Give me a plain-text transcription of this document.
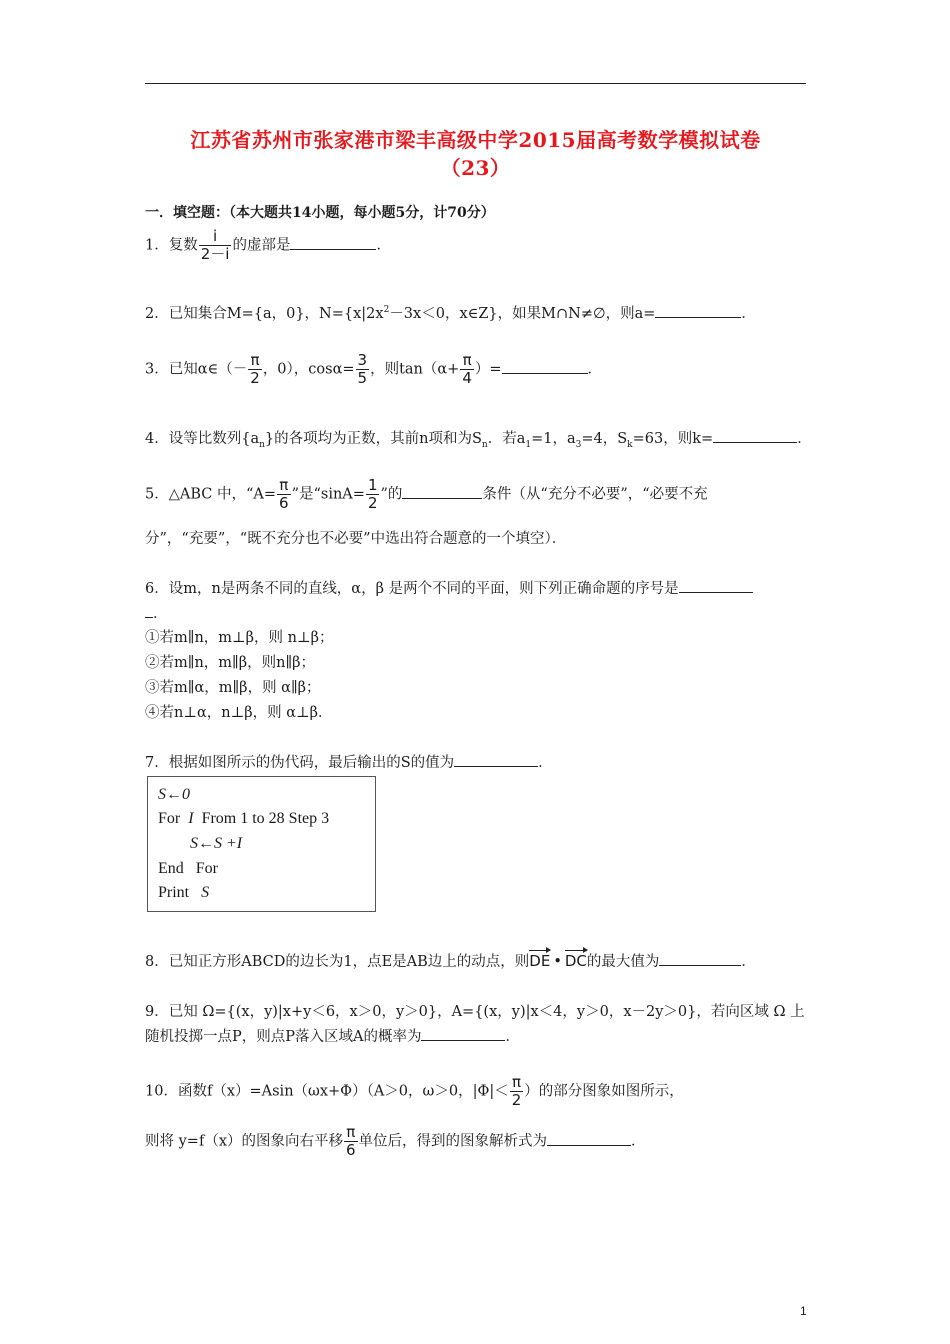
江苏省苏州市张家港市梁丰高级中学2015届高考数学模拟试卷
（23）
一．填空题：（本大题共14小题，每小题5分，计70分）
1．复数 $\frac{i}{2-i}$ 的虚部是	．
2．已知集合M={a，0}，$N=\{x|2x^2-3x<0$，x∈Z}，如果M∩N≠∅，则a=	．
3．已知α∈（－ $\frac{\pi}{2}$ ，0），$\cos\alpha= \frac{3}{5}$ ，则$\tan(\alpha+ \frac{\pi}{4}$ ）=	．
4．设等比数列$\{a_n\}$的各项均为正数，其前n项和为$S_n$．若$a_1=1$，$a_3=4$，$S_k=63$，则k=	．
5．△ABC 中，“$A= \frac{\pi}{6}$ ”是“$\sin A= \frac{1}{2}$ ”的	条件（从“充分不必要”，“必要不充
分”，“充要”，“既不充分也不必要”中选出符合题意的一个填空）．
6．设m，n是两条不同的直线，α，β 是两个不同的平面，则下列正确命题的序号是
．
①若m∥n，m⊥β，则 n⊥β；
②若m∥n，m∥β，则n∥β；
③若m∥α，m∥β，则 α∥β；
④若n⊥α，n⊥β，则 α⊥β．
7．根据如图所示的伪代码，最后输出的S的值为	．
S←0
For I From 1 to 28 Step 3
S←S +I
End For
Print S
8．已知正方形ABCD的边长为1，点E是AB边上的动点，则DE • DC的最大值为	．
9．已知 Ω={(x，y)|x+y＜6，x＞0，y＞0}，A={(x，y)|x＜4，y＞0，x－2y＞0}，若向区域 Ω 上
随机投掷一点P，则点P落入区域A的概率为	．
10．函数f（x）=Asin（ωx+Φ）（A＞0，ω＞0，$|\Phi|< \frac{\pi}{2}$ ）的部分图象如图所示，
则将 y=f（x）的图象向右平移 $\frac{\pi}{6}$ 单位后，得到的图象解析式为	．
1
